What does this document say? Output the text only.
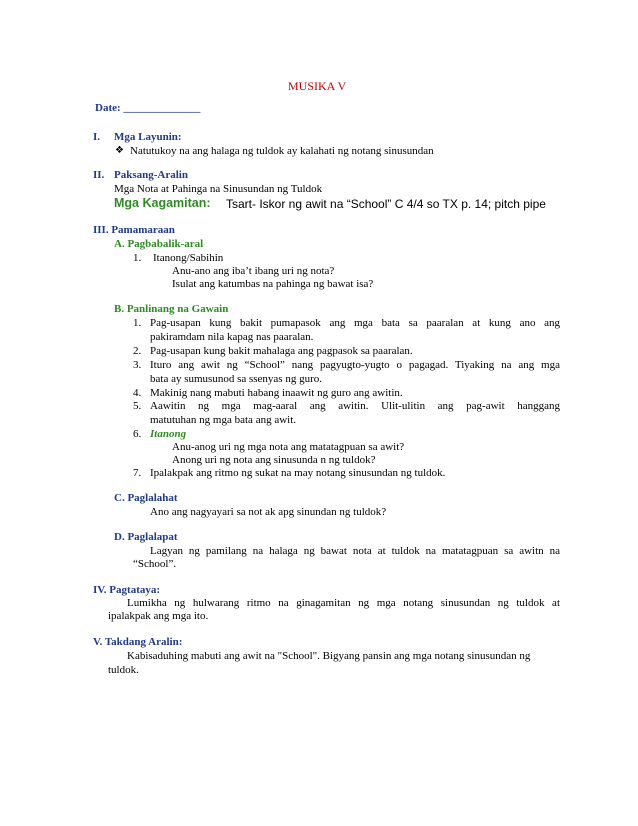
MUSIKA V
Date: ______________
I. Mga Layunin:
❖ Natutukoy na ang halaga ng tuldok ay kalahati ng notang sinusundan
II. Paksang-Aralin
Mga Nota at Pahinga na Sinusundan ng Tuldok
Mga Kagamitan: Tsart- Iskor ng awit na “School” C 4/4 so TX p. 14; pitch pipe
III. Pamamaraan
A. Pagbabalik-aral
1. Itanong/Sabihin
Anu-ano ang iba’t ibang uri ng nota?
Isulat ang katumbas na pahinga ng bawat isa?
B. Panlinang na Gawain
1. Pag-usapan kung bakit pumapasok ang mga bata sa paaralan at kung ano ang
pakiramdam nila kapag nas paaralan.
2. Pag-usapan kung bakit mahalaga ang pagpasok sa paaralan.
3. Ituro ang awit ng “School” nang pagyugto-yugto o pagagad. Tiyaking na ang mga
bata ay sumusunod sa ssenyas ng guro.
4. Makinig nang mabuti habang inaawit ng guro ang awitin.
5. Aawitin ng mga mag-aaral ang awitin. Ulit-ulitin ang pag-awit hanggang
matutuhan ng mga bata ang awit.
6. Itanong
Anu-anog uri ng mga nota ang matatagpuan sa awit?
Anong uri ng nota ang sinusunda n ng tuldok?
7. Ipalakpak ang ritmo ng sukat na may notang sinusundan ng tuldok.
C. Paglalahat
Ano ang nagyayari sa not ak apg sinundan ng tuldok?
D. Paglalapat
Lagyan ng pamilang na halaga ng bawat nota at tuldok na matatagpuan sa awitn na
“School”.
IV. Pagtataya:
Lumikha ng hulwarang ritmo na ginagamitan ng mga notang sinusundan ng tuldok at
ipalakpak ang mga ito.
V. Takdang Aralin:
Kabisaduhing mabuti ang awit na "School". Bigyang pansin ang mga notang sinusundan ng
tuldok.
